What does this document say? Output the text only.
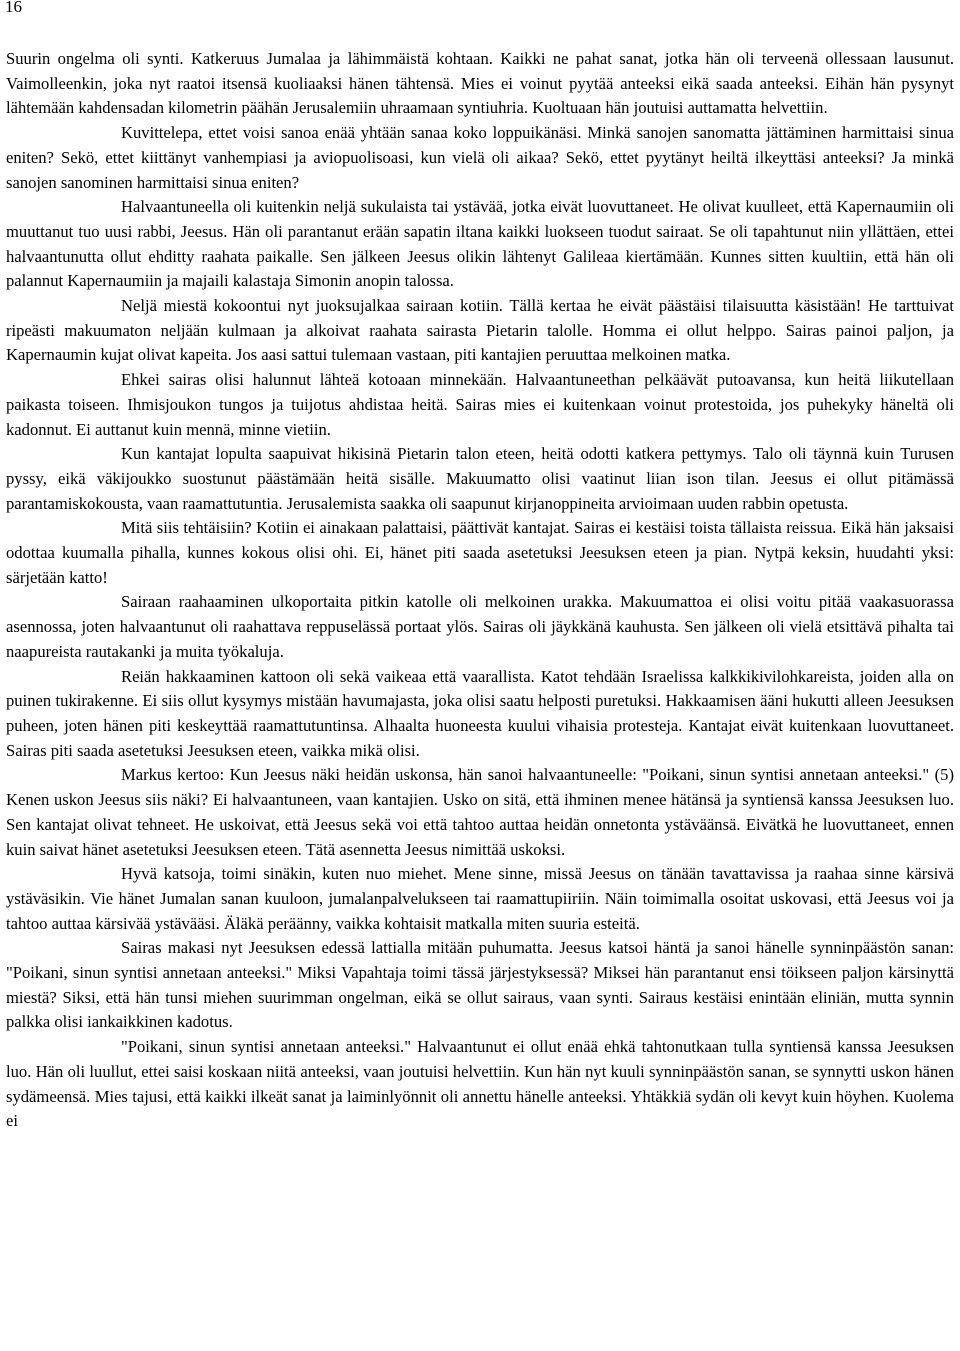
16

Suurin ongelma oli synti. Katkeruus Jumalaa ja lähimmäistä kohtaan. Kaikki ne pahat sanat, jotka hän oli terveenä ollessaan lausunut. Vaimolleenkin, joka nyt raatoi itsensä kuoliaaksi hänen tähtensä. Mies ei voinut pyytää anteeksi eikä saada anteeksi. Eihän hän pysynyt lähtemään kahdensadan kilometrin päähän Jerusalemiin uhraamaan syntiuhria. Kuoltuaan hän joutuisi auttamatta helvettiin.

Kuvittelepa, ettet voisi sanoa enää yhtään sanaa koko loppuikänäsi. Minkä sanojen sanomatta jättäminen harmittaisi sinua eniten? Sekö, ettet kiittänyt vanhempiasi ja aviopuolisoasi, kun vielä oli aikaa? Sekö, ettet pyytänyt heiltä ilkeyttäsi anteeksi? Ja minkä sanojen sanominen harmittaisi sinua eniten?

Halvaantuneella oli kuitenkin neljä sukulaista tai ystävää, jotka eivät luovuttaneet. He olivat kuulleet, että Kapernaumiin oli muuttanut tuo uusi rabbi, Jeesus. Hän oli parantanut erään sapatin iltana kaikki luokseen tuodut sairaat. Se oli tapahtunut niin yllättäen, ettei halvaantunutta ollut ehditty raahata paikalle. Sen jälkeen Jeesus olikin lähtenyt Galileaa kiertämään. Kunnes sitten kuultiin, että hän oli palannut Kapernaumiin ja majaili kalastaja Simonin anopin talossa.

Neljä miestä kokoontui nyt juoksujalkaa sairaan kotiin. Tällä kertaa he eivät päästäisi tilaisuutta käsistään! He tarttuivat ripeästi makuumaton neljään kulmaan ja alkoivat raahata sairasta Pietarin talolle. Homma ei ollut helppo. Sairas painoi paljon, ja Kapernaumin kujat olivat kapeita. Jos aasi sattui tulemaan vastaan, piti kantajien peruuttaa melkoinen matka.

Ehkei sairas olisi halunnut lähteä kotoaan minnekään. Halvaantuneethan pelkäävät putoavansa, kun heitä liikutellaan paikasta toiseen. Ihmisjoukon tungos ja tuijotus ahdistaa heitä. Sairas mies ei kuitenkaan voinut protestoida, jos puhekyky häneltä oli kadonnut. Ei auttanut kuin mennä, minne vietiin.

Kun kantajat lopulta saapuivat hikisinä Pietarin talon eteen, heitä odotti katkera pettymys. Talo oli täynnä kuin Turusen pyssy, eikä väkijoukko suostunut päästämään heitä sisälle. Makuumatto olisi vaatinut liian ison tilan. Jeesus ei ollut pitämässä parantamiskokousta, vaan raamattutuntia. Jerusalemista saakka oli saapunut kirjanoppineita arvioimaan uuden rabbin opetusta.

Mitä siis tehtäisiin? Kotiin ei ainakaan palattaisi, päättivät kantajat. Sairas ei kestäisi toista tällaista reissua. Eikä hän jaksaisi odottaa kuumalla pihalla, kunnes kokous olisi ohi. Ei, hänet piti saada asetetuksi Jeesuksen eteen ja pian. Nytpä keksin, huudahti yksi: särjetään katto!

Sairaan raahaaminen ulkoportaita pitkin katolle oli melkoinen urakka. Makuumattoa ei olisi voitu pitää vaakasuorassa asennossa, joten halvaantunut oli raahattava reppuselässä portaat ylös. Sairas oli jäykkänä kauhusta. Sen jälkeen oli vielä etsittävä pihalta tai naapureista rautakanki ja muita työkaluja.

Reiän hakkaaminen kattoon oli sekä vaikeaa että vaarallista. Katot tehdään Israelissa kalkkikivilohkareista, joiden alla on puinen tukirakenne. Ei siis ollut kysymys mistään havumajasta, joka olisi saatu helposti puretuksi. Hakkaamisen ääni hukutti alleen Jeesuksen puheen, joten hänen piti keskeyttää raamattutuntinsa. Alhaalta huoneesta kuului vihaisia protesteja. Kantajat eivät kuitenkaan luovuttaneet. Sairas piti saada asetetuksi Jeesuksen eteen, vaikka mikä olisi.

Markus kertoo: Kun Jeesus näki heidän uskonsa, hän sanoi halvaantuneelle: "Poikani, sinun syntisi annetaan anteeksi." (5) Kenen uskon Jeesus siis näki? Ei halvaantuneen, vaan kantajien. Usko on sitä, että ihminen menee hätänsä ja syntiensä kanssa Jeesuksen luo. Sen kantajat olivat tehneet. He uskoivat, että Jeesus sekä voi että tahtoo auttaa heidän onnetonta ystäväänsä. Eivätkä he luovuttaneet, ennen kuin saivat hänet asetetuksi Jeesuksen eteen. Tätä asennetta Jeesus nimittää uskoksi.

Hyvä katsoja, toimi sinäkin, kuten nuo miehet. Mene sinne, missä Jeesus on tänään tavattavissa ja raahaa sinne kärsivä ystäväsikin. Vie hänet Jumalan sanan kuuloon, jumalanpalvelukseen tai raamattupiiriin. Näin toimimalla osoitat uskovasi, että Jeesus voi ja tahtoo auttaa kärsivää ystävääsi. Äläkä peräänny, vaikka kohtaisit matkalla miten suuria esteitä.

Sairas makasi nyt Jeesuksen edessä lattialla mitään puhumatta. Jeesus katsoi häntä ja sanoi hänelle synninpäästön sanan: "Poikani, sinun syntisi annetaan anteeksi." Miksi Vapahtaja toimi tässä järjestyksessä? Miksei hän parantanut ensi töikseen paljon kärsinyttä miestä? Siksi, että hän tunsi miehen suurimman ongelman, eikä se ollut sairaus, vaan synti. Sairaus kestäisi enintään eliniän, mutta synnin palkka olisi iankaikkinen kadotus.

"Poikani, sinun syntisi annetaan anteeksi." Halvaantunut ei ollut enää ehkä tahtonutkaan tulla syntiensä kanssa Jeesuksen luo. Hän oli luullut, ettei saisi koskaan niitä anteeksi, vaan joutuisi helvettiin. Kun hän nyt kuuli synninpäästön sanan, se synnytti uskon hänen sydämeensä. Mies tajusi, että kaikki ilkeät sanat ja laiminlyönnit oli annettu hänelle anteeksi. Yhtäkkiä sydän oli kevyt kuin höyhen. Kuolema ei
